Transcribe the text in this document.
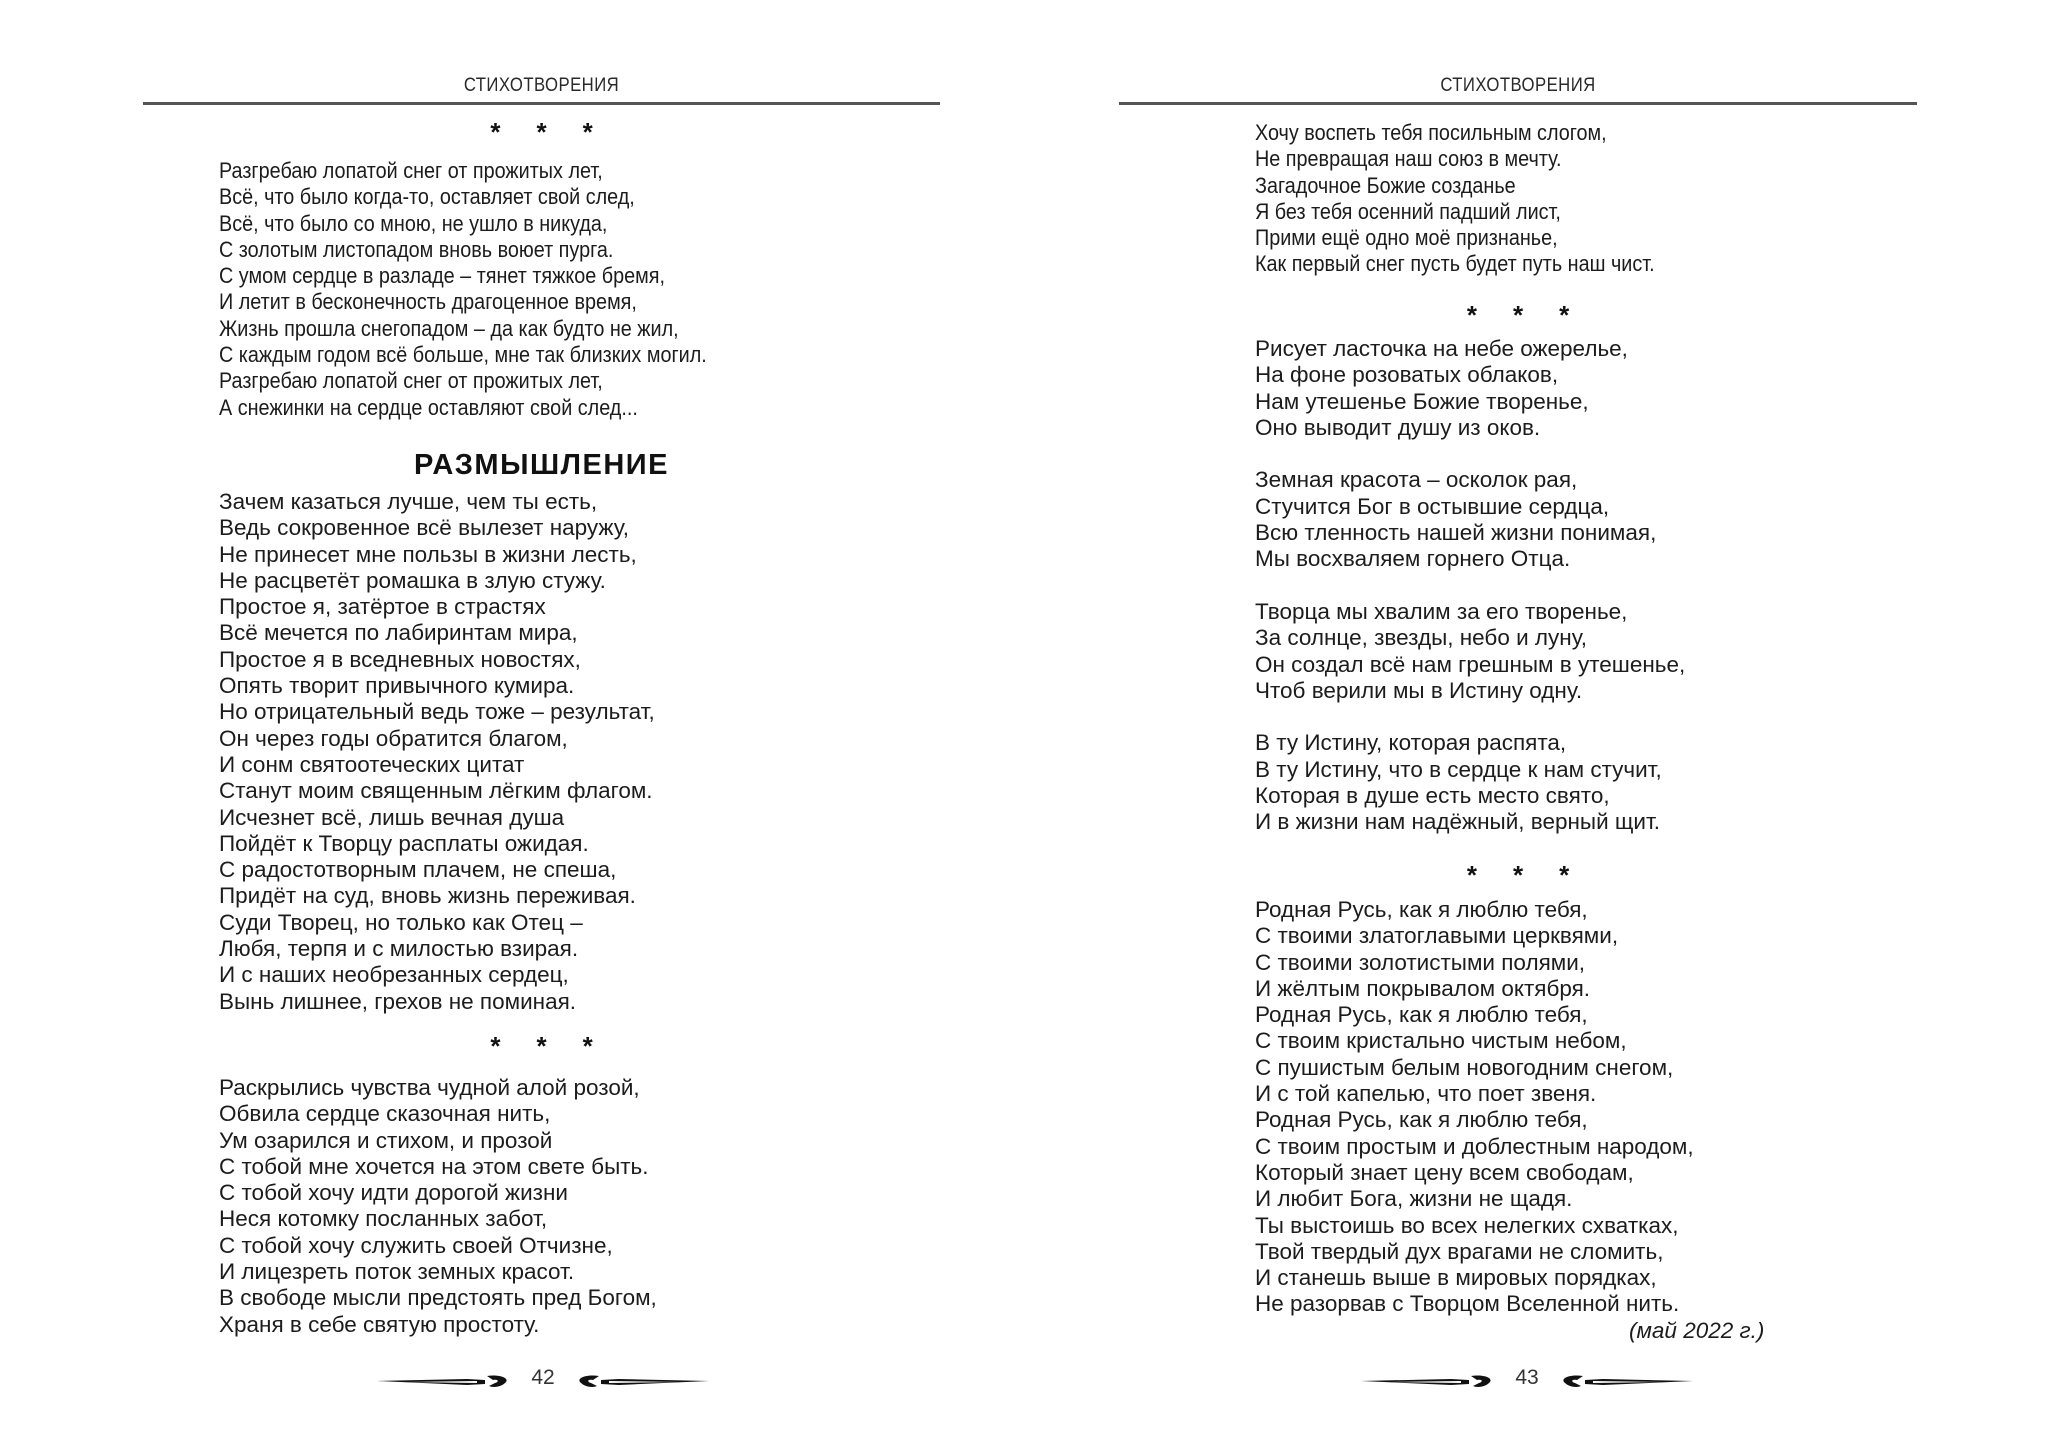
СТИХОТВОРЕНИЯ
* * *
Разгребаю лопатой снег от прожитых лет,
Всё, что было когда-то, оставляет свой след,
Всё, что было со мною, не ушло в никуда,
С золотым листопадом вновь воюет пурга.
С умом сердце в разладе – тянет тяжкое бремя,
И летит в бесконечность драгоценное время,
Жизнь прошла снегопадом – да как будто не жил,
С каждым годом всё больше, мне так близких могил.
Разгребаю лопатой снег от прожитых лет,
А снежинки на сердце оставляют свой след...
РАЗМЫШЛЕНИЕ
Зачем казаться лучше, чем ты есть,
Ведь сокровенное всё вылезет наружу,
Не принесет мне пользы в жизни лесть,
Не расцветёт ромашка в злую стужу.
Простое я, затёртое в страстях
Всё мечется по лабиринтам мира,
Простое я в вседневных новостях,
Опять творит привычного кумира.
Но отрицательный ведь тоже – результат,
Он через годы обратится благом,
И сонм святоотеческих цитат
Станут моим священным лёгким флагом.
Исчезнет всё, лишь вечная душа
Пойдёт к Творцу расплаты ожидая.
С радостотворным плачем, не спеша,
Придёт на суд, вновь жизнь переживая.
Суди Творец, но только как Отец –
Любя, терпя и с милостью взирая.
И с наших необрезанных сердец,
Вынь лишнее, грехов не поминая.
* * *
Раскрылись чувства чудной алой розой,
Обвила сердце сказочная нить,
Ум озарился и стихом, и прозой
С тобой мне хочется на этом свете быть.
С тобой хочу идти дорогой жизни
Неся котомку посланных забот,
С тобой хочу служить своей Отчизне,
И лицезреть поток земных красот.
В свободе мысли предстоять пред Богом,
Храня в себе святую простоту.
42
СТИХОТВОРЕНИЯ
Хочу воспеть тебя посильным слогом,
Не превращая наш союз в мечту.
Загадочное Божие созданье
Я без тебя осенний падший лист,
Прими ещё одно моё признанье,
Как первый снег пусть будет путь наш чист.
* * *
Рисует ласточка на небе ожерелье,
На фоне розоватых облаков,
Нам утешенье Божие творенье,
Оно выводит душу из оков.
Земная красота – осколок рая,
Стучится Бог в остывшие сердца,
Всю тленность нашей жизни понимая,
Мы восхваляем горнего Отца.
Творца мы хвалим за его творенье,
За солнце, звезды, небо и луну,
Он создал всё нам грешным в утешенье,
Чтоб верили мы в Истину одну.
В ту Истину, которая распята,
В ту Истину, что в сердце к нам стучит,
Которая в душе есть место свято,
И в жизни нам надёжный, верный щит.
* * *
Родная Русь, как я люблю тебя,
С твоими златоглавыми церквями,
С твоими золотистыми полями,
И жёлтым покрывалом октября.
Родная Русь, как я люблю тебя,
С твоим кристально чистым небом,
С пушистым белым новогодним снегом,
И с той капелью, что поет звеня.
Родная Русь, как я люблю тебя,
С твоим простым и доблестным народом,
Который знает цену всем свободам,
И любит Бога, жизни не щадя.
Ты выстоишь во всех нелегких схватках,
Твой твердый дух врагами не сломить,
И станешь выше в мировых порядках,
Не разорвав с Творцом Вселенной нить.
(май 2022 г.)
43
